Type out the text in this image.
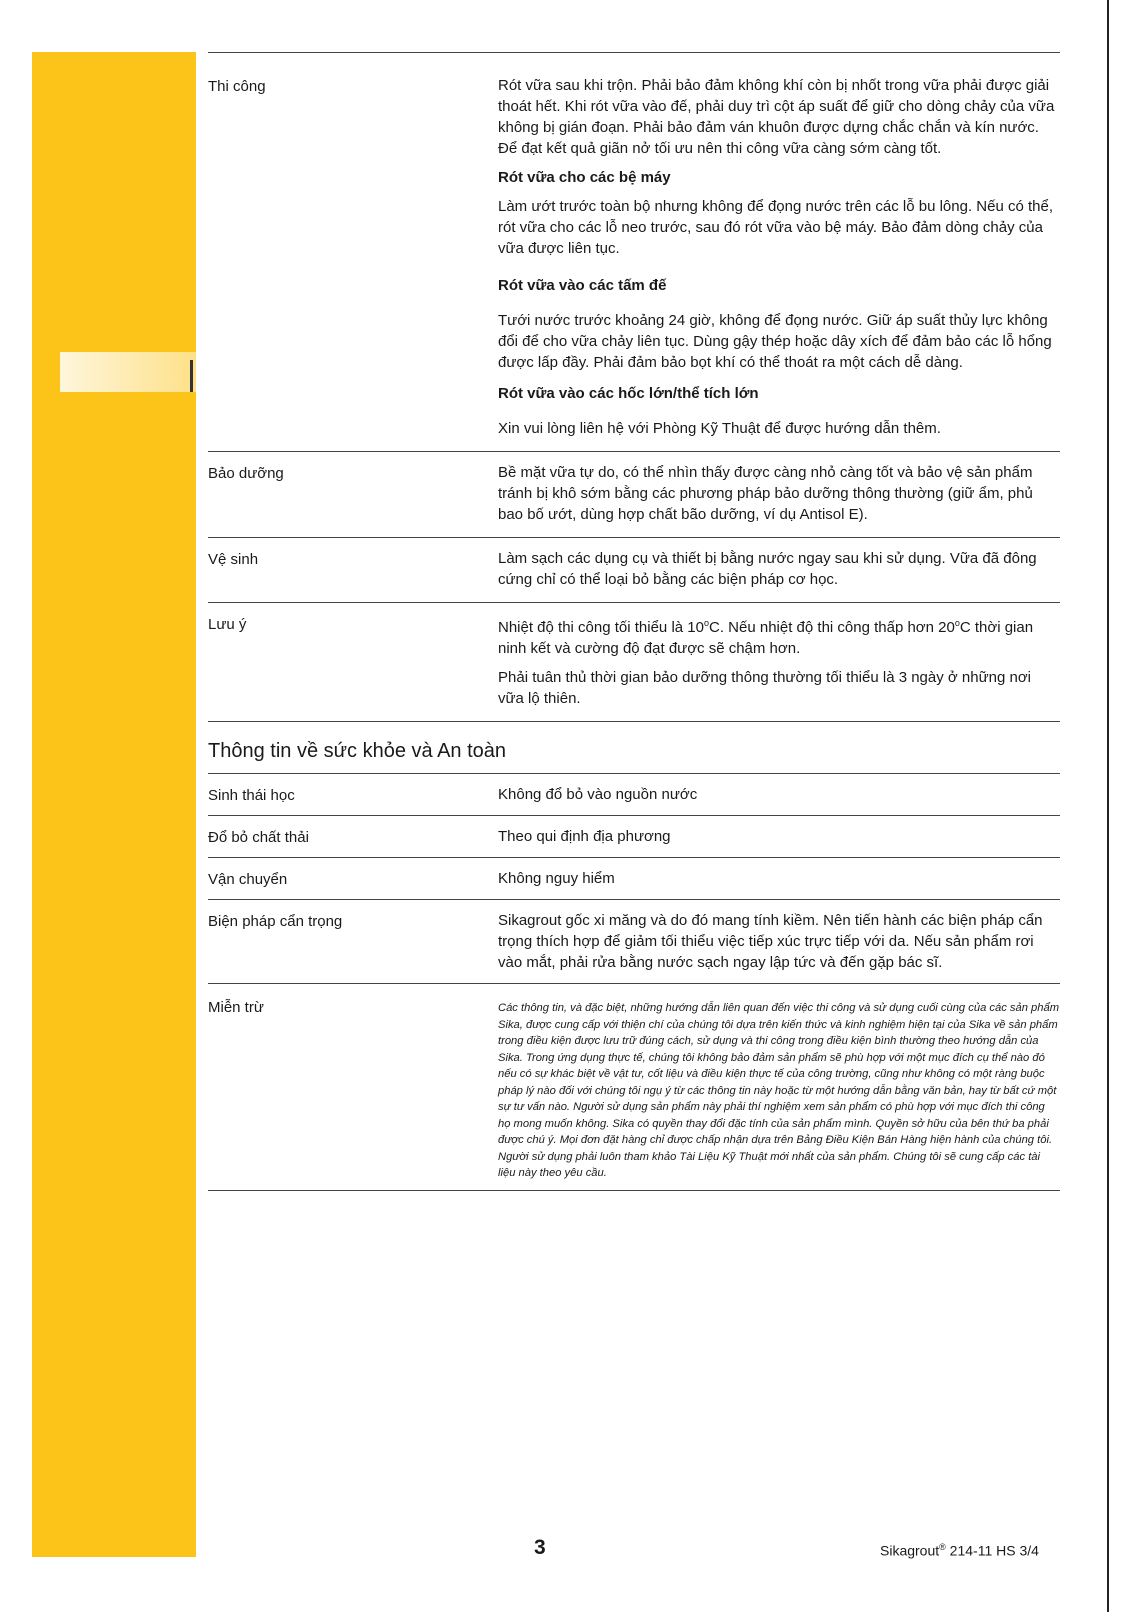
Thi công	Rót vữa sau khi trộn. Phải bảo đảm không khí còn bị nhốt trong vữa phải được giải thoát hết. Khi rót vữa vào đế, phải duy trì cột áp suất để giữ cho dòng chảy của vữa không bị gián đoạn. Phải bảo đảm ván khuôn được dựng chắc chắn và kín nước. Để đạt kết quả giãn nở tối ưu nên thi công vữa càng sớm càng tốt.

Rót vữa cho các bệ máy

Làm ướt trước toàn bộ nhưng không để đọng nước trên các lỗ bu lông. Nếu có thể, rót vữa cho các lỗ neo trước, sau đó rót vữa vào bệ máy. Bảo đảm dòng chảy của vữa được liên tục.

Rót vữa vào các tấm đế

Tưới nước trước khoảng 24 giờ, không để đọng nước. Giữ áp suất thủy lực không đổi để cho vữa chảy liên tục. Dùng gậy thép hoặc dây xích để đảm bảo các lỗ hổng được lấp đầy. Phải đảm bảo bọt khí có thể thoát ra một cách dễ dàng.

Rót vữa vào các hốc lớn/thể tích lớn

Xin vui lòng liên hệ với Phòng Kỹ Thuật để được hướng dẫn thêm.

Bảo dưỡng	Bề mặt vữa tự do, có thể nhìn thấy được càng nhỏ càng tốt và bảo vệ sản phẩm tránh bị khô sớm bằng các phương pháp bảo dưỡng thông thường (giữ ẩm, phủ bao bố ướt, dùng hợp chất bão dưỡng, ví dụ Antisol E).

Vệ sinh	Làm sạch các dụng cụ và thiết bị bằng nước ngay sau khi sử dụng. Vữa đã đông cứng chỉ có thể loại bỏ bằng các biện pháp cơ học.

Lưu ý	Nhiệt độ thi công tối thiểu là 10$^o$C. Nếu nhiệt độ thi công thấp hơn 20$^o$C thời gian ninh kết và cường độ đạt được sẽ chậm hơn.

Phải tuân thủ thời gian bảo dưỡng thông thường tối thiểu là 3 ngày ở những nơi vữa lộ thiên.

Thông tin về sức khỏe và An toàn
Sinh thái học	Không đổ bỏ vào nguồn nước
Đổ bỏ chất thải	Theo qui định địa phương
Vận chuyển	Không nguy hiểm
Biện pháp cẩn trọng	Sikagrout gốc xi măng và do đó mang tính kiềm. Nên tiến hành các biện pháp cẩn trọng thích hợp để giảm tối thiểu việc tiếp xúc trực tiếp với da. Nếu sản phẩm rơi vào mắt, phải rửa bằng nước sạch ngay lập tức và đến gặp bác sĩ.
Miễn trừ	Các thông tin, và đặc biệt, những hướng dẫn liên quan đến việc thi công và sử dụng cuối cùng của các sản phẩm Sika, được cung cấp với thiện chí của chúng tôi dựa trên kiến thức và kinh nghiệm hiện tại của Sika về sản phẩm trong điều kiện được lưu trữ đúng cách, sử dụng và thi công trong điều kiện bình thường theo hướng dẫn của Sika. Trong ứng dụng thực tế, chúng tôi không bảo đảm sản phẩm sẽ phù hợp với một mục đích cụ thể nào đó nếu có sự khác biệt về vật tư, cốt liệu và điều kiện thực tế của công trường, cũng như không có một ràng buộc pháp lý nào đối với chúng tôi ngụ ý từ các thông tin này hoặc từ một hướng dẫn bằng văn bản, hay từ bất cứ một sự tư vấn nào. Người sử dụng sản phẩm này phải thí nghiệm xem sản phẩm có phù hợp với mục đích thi công họ mong muốn không. Sika có quyền thay đổi đặc tính của sản phẩm mình. Quyền sở hữu của bên thứ ba phải được chú ý. Mọi đơn đặt hàng chỉ được chấp nhận dựa trên Bảng Điều Kiện Bán Hàng hiện hành của chúng tôi. Người sử dụng phải luôn tham khảo Tài Liệu Kỹ Thuật mới nhất của sản phẩm. Chúng tôi sẽ cung cấp các tài liệu này theo yêu cầu.
3	Sikagrout® 214-11 HS 3/4
